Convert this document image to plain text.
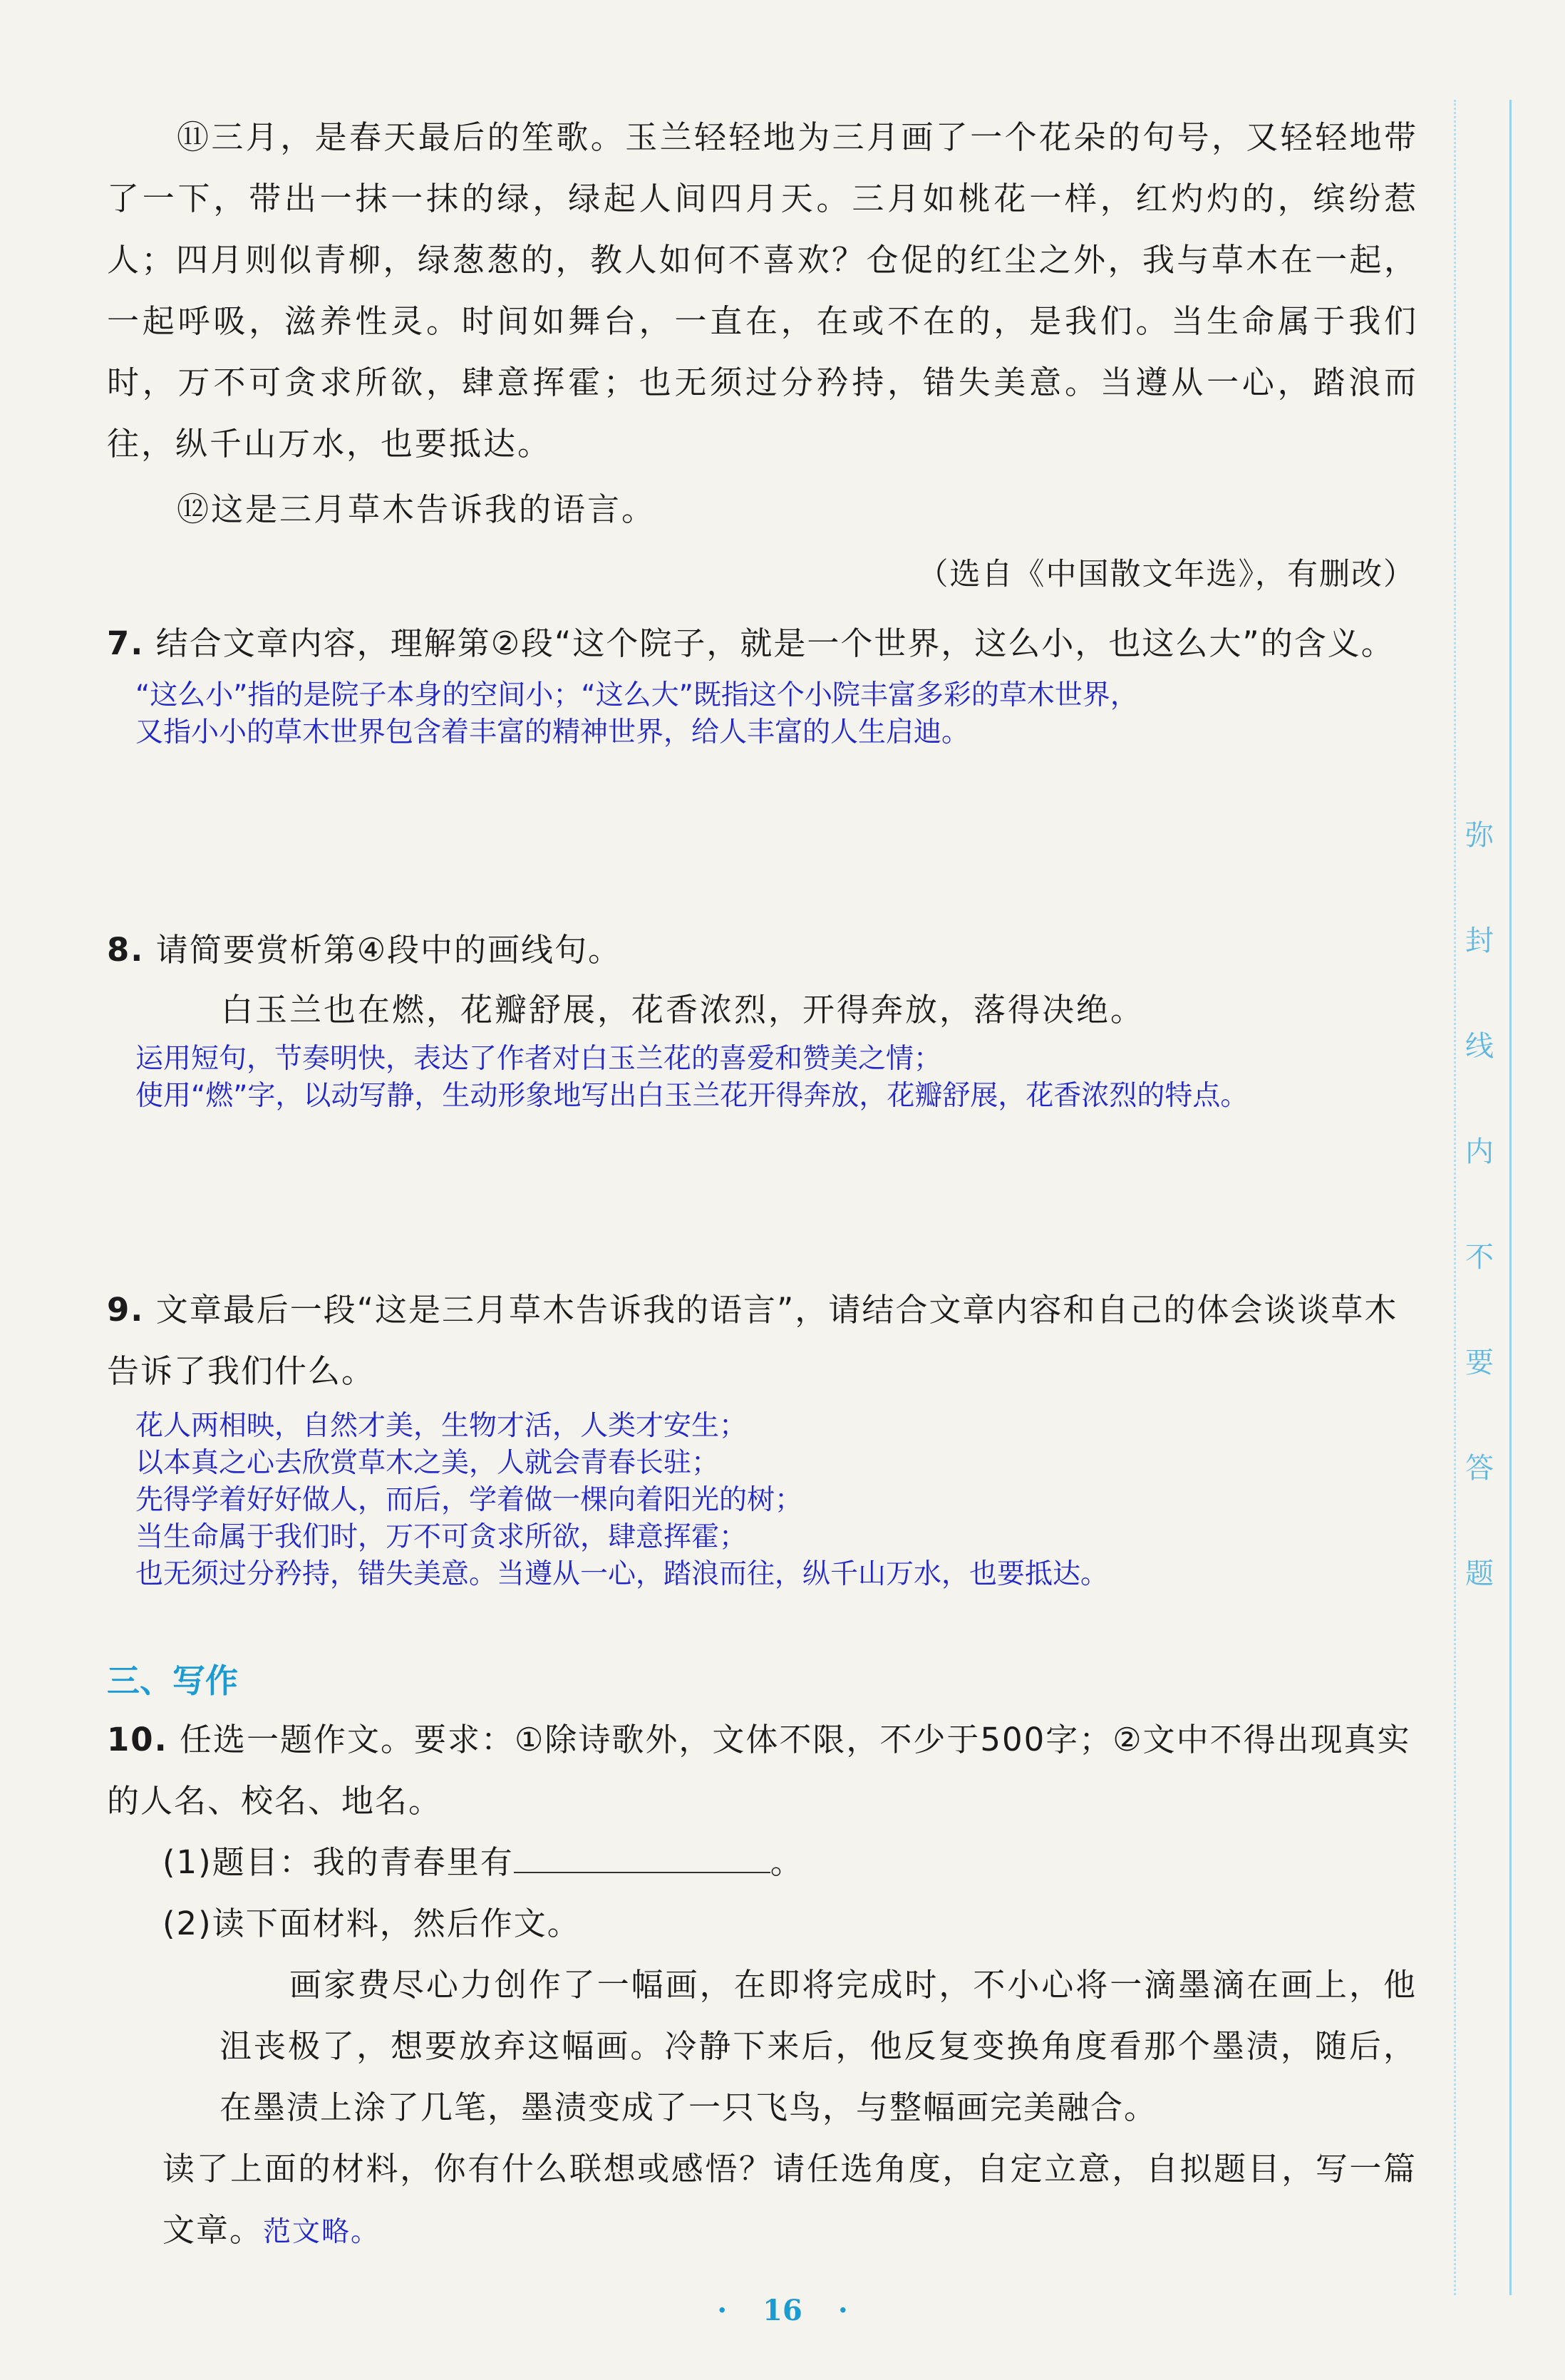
⑪三月，是春天最后的笙歌。玉兰轻轻地为三月画了一个花朵的句号，又轻轻地带了一下，带出一抹一抹的绿，绿起人间四月天。三月如桃花一样，红灼灼的，缤纷惹人；四月则似青柳，绿葱葱的，教人如何不喜欢？仓促的红尘之外，我与草木在一起，一起呼吸，滋养性灵。时间如舞台，一直在，在或不在的，是我们。当生命属于我们时，万不可贪求所欲，肆意挥霍；也无须过分矜持，错失美意。当遵从一心，踏浪而往，纵千山万水，也要抵达。
⑫这是三月草木告诉我的语言。
（选自《中国散文年选》，有删改）
7. 结合文章内容，理解第②段“这个院子，就是一个世界，这么小，也这么大”的含义。
“这么小”指的是院子本身的空间小；“这么大”既指这个小院丰富多彩的草木世界，
又指小小的草木世界包含着丰富的精神世界，给人丰富的人生启迪。
8. 请简要赏析第④段中的画线句。
白玉兰也在燃，花瓣舒展，花香浓烈，开得奔放，落得决绝。
运用短句，节奏明快，表达了作者对白玉兰花的喜爱和赞美之情；
使用“燃”字，以动写静，生动形象地写出白玉兰花开得奔放，花瓣舒展，花香浓烈的特点。
9. 文章最后一段“这是三月草木告诉我的语言”，请结合文章内容和自己的体会谈谈草木告诉了我们什么。
花人两相映，自然才美，生物才活，人类才安生；
以本真之心去欣赏草木之美，人就会青春长驻；
先得学着好好做人，而后，学着做一棵向着阳光的树；
当生命属于我们时，万不可贪求所欲，肆意挥霍；
也无须过分矜持，错失美意。当遵从一心，踏浪而往，纵千山万水，也要抵达。
三、写作
10. 任选一题作文。要求：①除诗歌外，文体不限，不少于500字；②文中不得出现真实的人名、校名、地名。
(1)题目：我的青春里有	。
(2)读下面材料，然后作文。
画家费尽心力创作了一幅画，在即将完成时，不小心将一滴墨滴在画上，他沮丧极了，想要放弃这幅画。冷静下来后，他反复变换角度看那个墨渍，随后，在墨渍上涂了几笔，墨渍变成了一只飞鸟，与整幅画完美融合。
读了上面的材料，你有什么联想或感悟？请任选角度，自定立意，自拟题目，写一篇文章。范文略。
弥
封
线
内
不
要
答
题
· 16 ·
